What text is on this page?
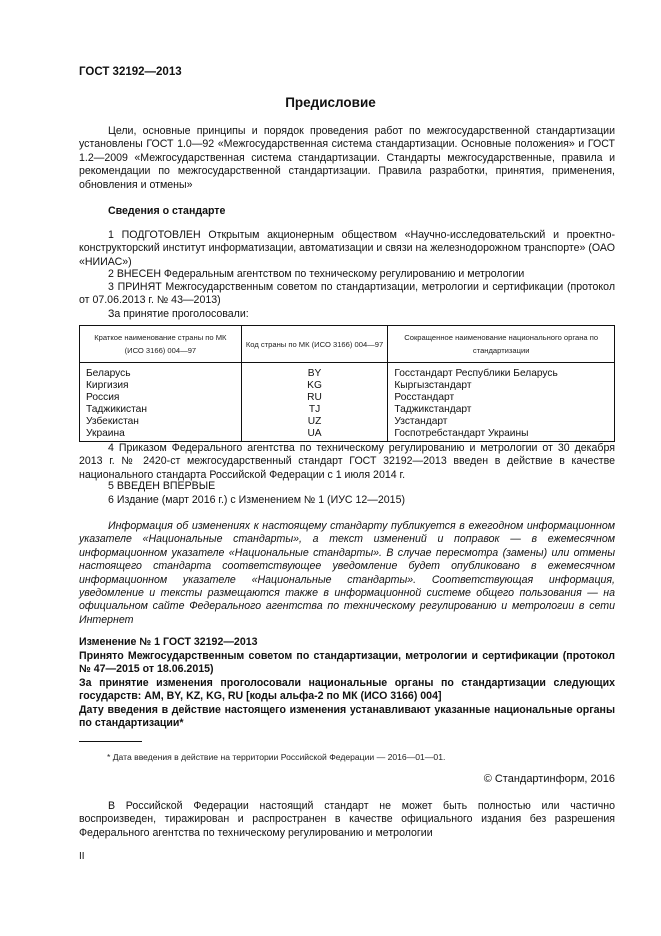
ГОСТ 32192—2013
Предисловие

Цели, основные принципы и порядок проведения работ по межгосударственной стандартизации установлены ГОСТ 1.0—92 «Межгосударственная система стандартизации. Основные положения» и ГОСТ 1.2—2009 «Межгосударственная система стандартизации. Стандарты межгосударственные, правила и рекомендации по межгосударственной стандартизации. Правила разработки, принятия, применения, обновления и отмены»

Сведения о стандарте

1 ПОДГОТОВЛЕН Открытым акционерным обществом «Научно-исследовательский и проектно-конструкторский институт информатизации, автоматизации и связи на железнодорожном транспорте» (ОАО «НИИАС»)

2 ВНЕСЕН Федеральным агентством по техническому регулированию и метрологии

3 ПРИНЯТ Межгосударственным советом по стандартизации, метрологии и сертификации (протокол от 07.06.2013 г. № 43—2013)

За принятие проголосовали:

Краткое наименование страны по МК (ИСО 3166) 004—97	Код страны по МК (ИСО 3166) 004—97	Сокращенное наименование национального органа по стандартизации
Беларусь	BY	Госстандарт Республики Беларусь
Киргизия	KG	Кыргызстандарт
Россия	RU	Росстандарт
Таджикистан	TJ	Таджикстандарт
Узбекистан	UZ	Узстандарт
Украина	UA	Госпотребстандарт Украины

4 Приказом Федерального агентства по техническому регулированию и метрологии от 30 декабря 2013 г. № 2420-ст межгосударственный стандарт ГОСТ 32192—2013 введен в действие в качестве национального стандарта Российской Федерации с 1 июля 2014 г.

5 ВВЕДЕН ВПЕРВЫЕ

6 Издание (март 2016 г.) с Изменением № 1 (ИУС 12—2015)

Информация об изменениях к настоящему стандарту публикуется в ежегодном информационном указателе «Национальные стандарты», а текст изменений и поправок — в ежемесячном информационном указателе «Национальные стандарты». В случае пересмотра (замены) или отмены настоящего стандарта соответствующее уведомление будет опубликовано в ежемесячном информационном указателе «Национальные стандарты». Соответствующая информация, уведомление и тексты размещаются также в информационной системе общего пользования — на официальном сайте Федерального агентства по техническому регулированию и метрологии в сети Интернет

Изменение № 1 ГОСТ 32192—2013

Принято Межгосударственным советом по стандартизации, метрологии и сертификации (протокол № 47—2015 от 18.06.2015)

За принятие изменения проголосовали национальные органы по стандартизации следующих государств: AM, BY, KZ, KG, RU [коды альфа-2 по МК (ИСО 3166) 004]

Дату введения в действие настоящего изменения устанавливают указанные национальные органы по стандартизации*

* Дата введения в действие на территории Российской Федерации — 2016—01—01.
© Стандартинформ, 2016

В Российской Федерации настоящий стандарт не может быть полностью или частично воспроизведен, тиражирован и распространен в качестве официального издания без разрешения Федерального агентства по техническому регулированию и метрологии

II
